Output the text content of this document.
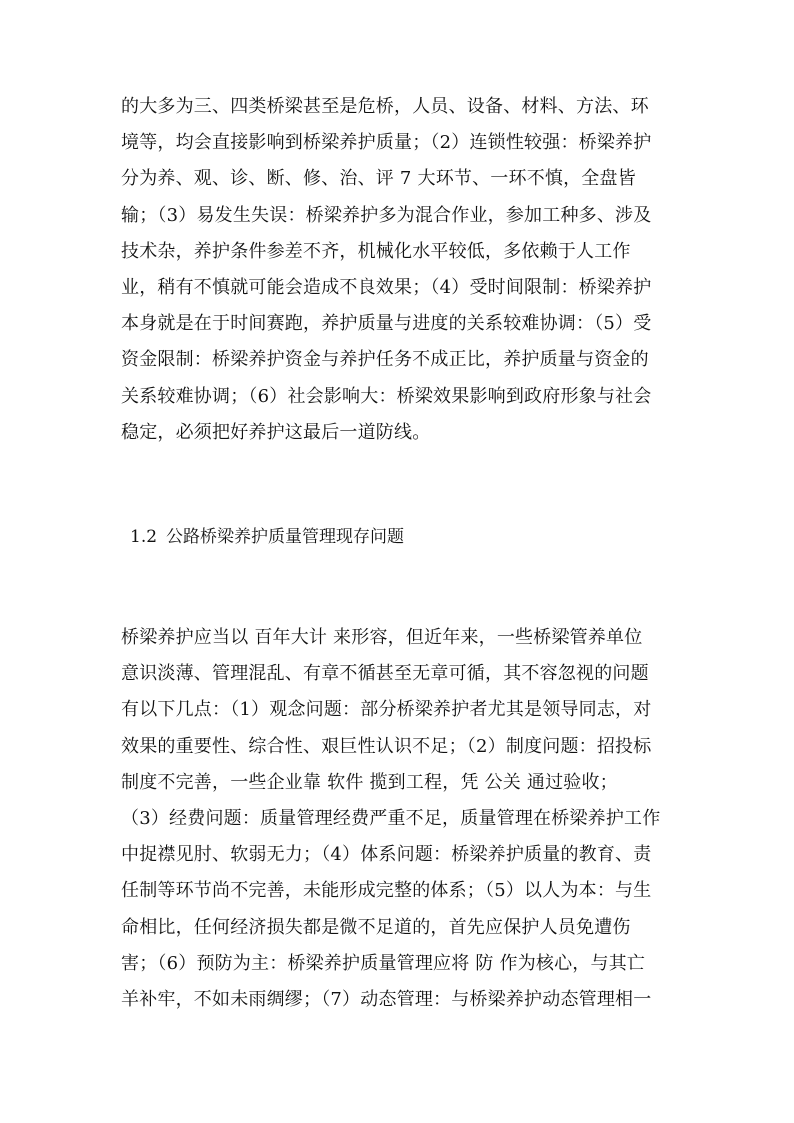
的大多为三、四类桥梁甚至是危桥，人员、设备、材料、方法、环
境等，均会直接影响到桥梁养护质量；（2）连锁性较强：桥梁养护
分为养、观、诊、断、修、治、评 7 大环节、一环不慎，全盘皆
输；（3）易发生失误：桥梁养护多为混合作业，参加工种多、涉及
技术杂，养护条件参差不齐，机械化水平较低，多依赖于人工作
业，稍有不慎就可能会造成不良效果；（4）受时间限制：桥梁养护
本身就是在于时间赛跑，养护质量与进度的关系较难协调：（5）受
资金限制：桥梁养护资金与养护任务不成正比，养护质量与资金的
关系较难协调；（6）社会影响大：桥梁效果影响到政府形象与社会
稳定，必须把好养护这最后一道防线。

1.2 公路桥梁养护质量管理现存问题

桥梁养护应当以 百年大计 来形容，但近年来，一些桥梁管养单位
意识淡薄、管理混乱、有章不循甚至无章可循，其不容忽视的问题
有以下几点：（1）观念问题：部分桥梁养护者尤其是领导同志，对
效果的重要性、综合性、艰巨性认识不足；（2）制度问题：招投标
制度不完善，一些企业靠 软件 揽到工程，凭 公关 通过验收；
（3）经费问题：质量管理经费严重不足，质量管理在桥梁养护工作
中捉襟见肘、软弱无力；（4）体系问题：桥梁养护质量的教育、责
任制等环节尚不完善，未能形成完整的体系；（5）以人为本：与生
命相比，任何经济损失都是微不足道的，首先应保护人员免遭伤
害；（6）预防为主：桥梁养护质量管理应将 防 作为核心，与其亡
羊补牢，不如未雨绸缪；（7）动态管理：与桥梁养护动态管理相一
